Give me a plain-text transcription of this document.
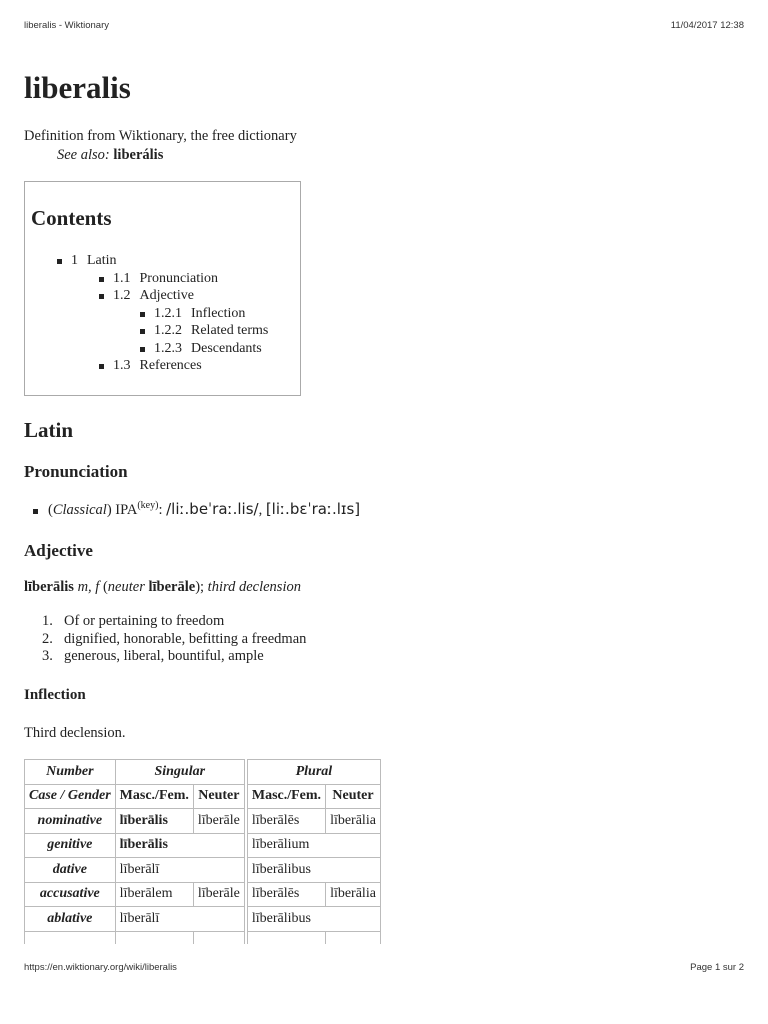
liberalis - Wiktionary	11/04/2017 12:38
liberalis
Definition from Wiktionary, the free dictionary
See also: liberális
Contents
1 Latin
1.1 Pronunciation
1.2 Adjective
1.2.1 Inflection
1.2.2 Related terms
1.2.3 Descendants
1.3 References
Latin
Pronunciation
(Classical) $IPA^{(key)}$: /liː.beˈraː.lis/, [liː.bɛˈraː.lɪs]
Adjective
līberālis m, f (neuter līberāle); third declension
1. Of or pertaining to freedom
2. dignified, honorable, befitting a freedman
3. generous, liberal, bountiful, ample
Inflection
Third declension.
Number	Singular			Plural	
Case / Gender	Masc./Fem.	Neuter		Masc./Fem.	Neuter
nominative	līberālis	līberāle		līberālēs	līberālia
genitive	līberālis			līberālium	
dative	līberālī			līberālibus	
accusative	līberālem	līberāle		līberālēs	līberālia
ablative	līberālī			līberālibus	

https://en.wiktionary.org/wiki/liberalis	Page 1 sur 2
